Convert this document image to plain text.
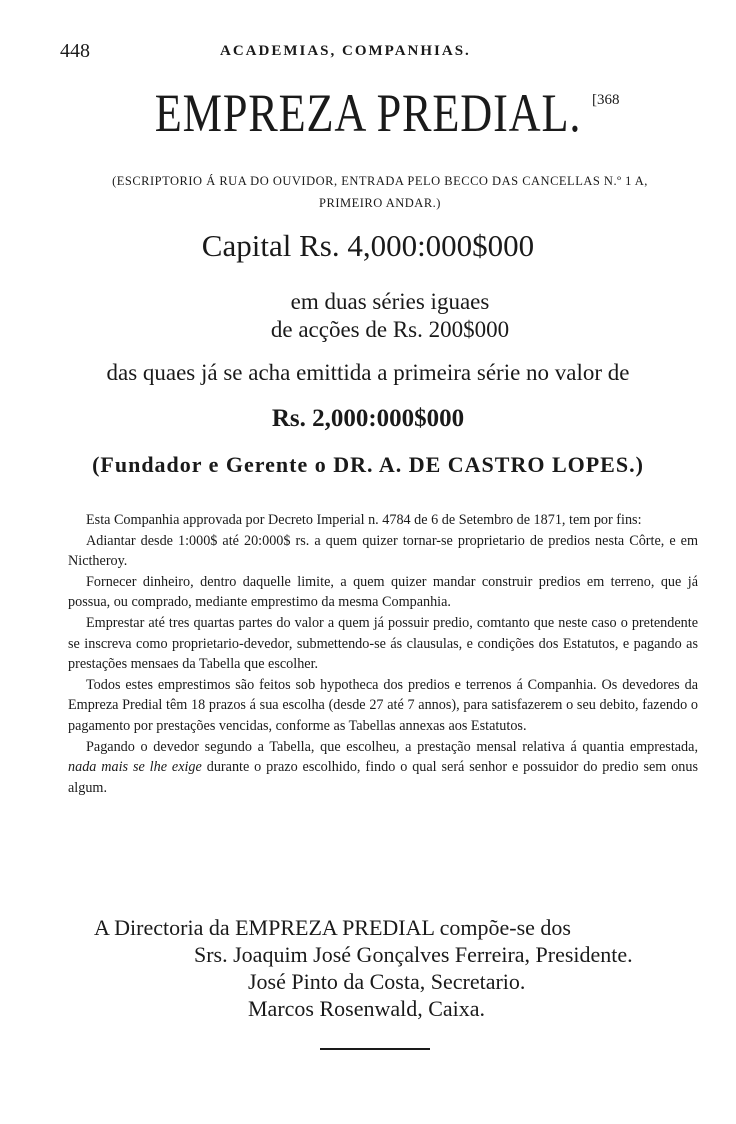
448	ACADEMIAS, COMPANHIAS.
EMPREZA PREDIAL. [368
(ESCRIPTORIO Á RUA DO OUVIDOR, ENTRADA PELO BECCO DAS CANCELLAS N.º 1 A,
PRIMEIRO ANDAR.)
Capital Rs. 4,000:000$000
em duas séries iguaes
de acções de Rs. 200$000
das quaes já se acha emittida a primeira série no valor de
Rs. 2,000:000$000
(Fundador e Gerente o DR. A. DE CASTRO LOPES.)

Esta Companhia approvada por Decreto Imperial n. 4784 de 6 de Setembro de 1871, tem por fins:

Adiantar desde 1:000$ até 20:000$ rs. a quem quizer tornar-se proprietario de predios nesta Côrte, e em Nictheroy.

Fornecer dinheiro, dentro daquelle limite, a quem quizer mandar construir predios em terreno, que já possua, ou comprado, mediante emprestimo da mesma Companhia.

Emprestar até tres quartas partes do valor a quem já possuir predio, comtanto que neste caso o pretendente se inscreva como proprietario-devedor, submettendo-se ás clausulas, e condições dos Estatutos, e pagando as prestações mensaes da Tabella que escolher.

Todos estes emprestimos são feitos sob hypotheca dos predios e terrenos á Companhia. Os devedores da Empreza Predial têm 18 prazos á sua escolha (desde 27 até 7 annos), para satisfazerem o seu debito, fazendo o pagamento por prestações vencidas, conforme as Tabellas annexas aos Estatutos.

Pagando o devedor segundo a Tabella, que escolheu, a prestação mensal relativa á quantia emprestada, nada mais se lhe exige durante o prazo escolhido, findo o qual será senhor e possuidor do predio sem onus algum.

A Directoria da EMPREZA PREDIAL compõe-se dos
Srs. Joaquim José Gonçalves Ferreira, Presidente.
José Pinto da Costa, Secretario.
Marcos Rosenwald, Caixa.
